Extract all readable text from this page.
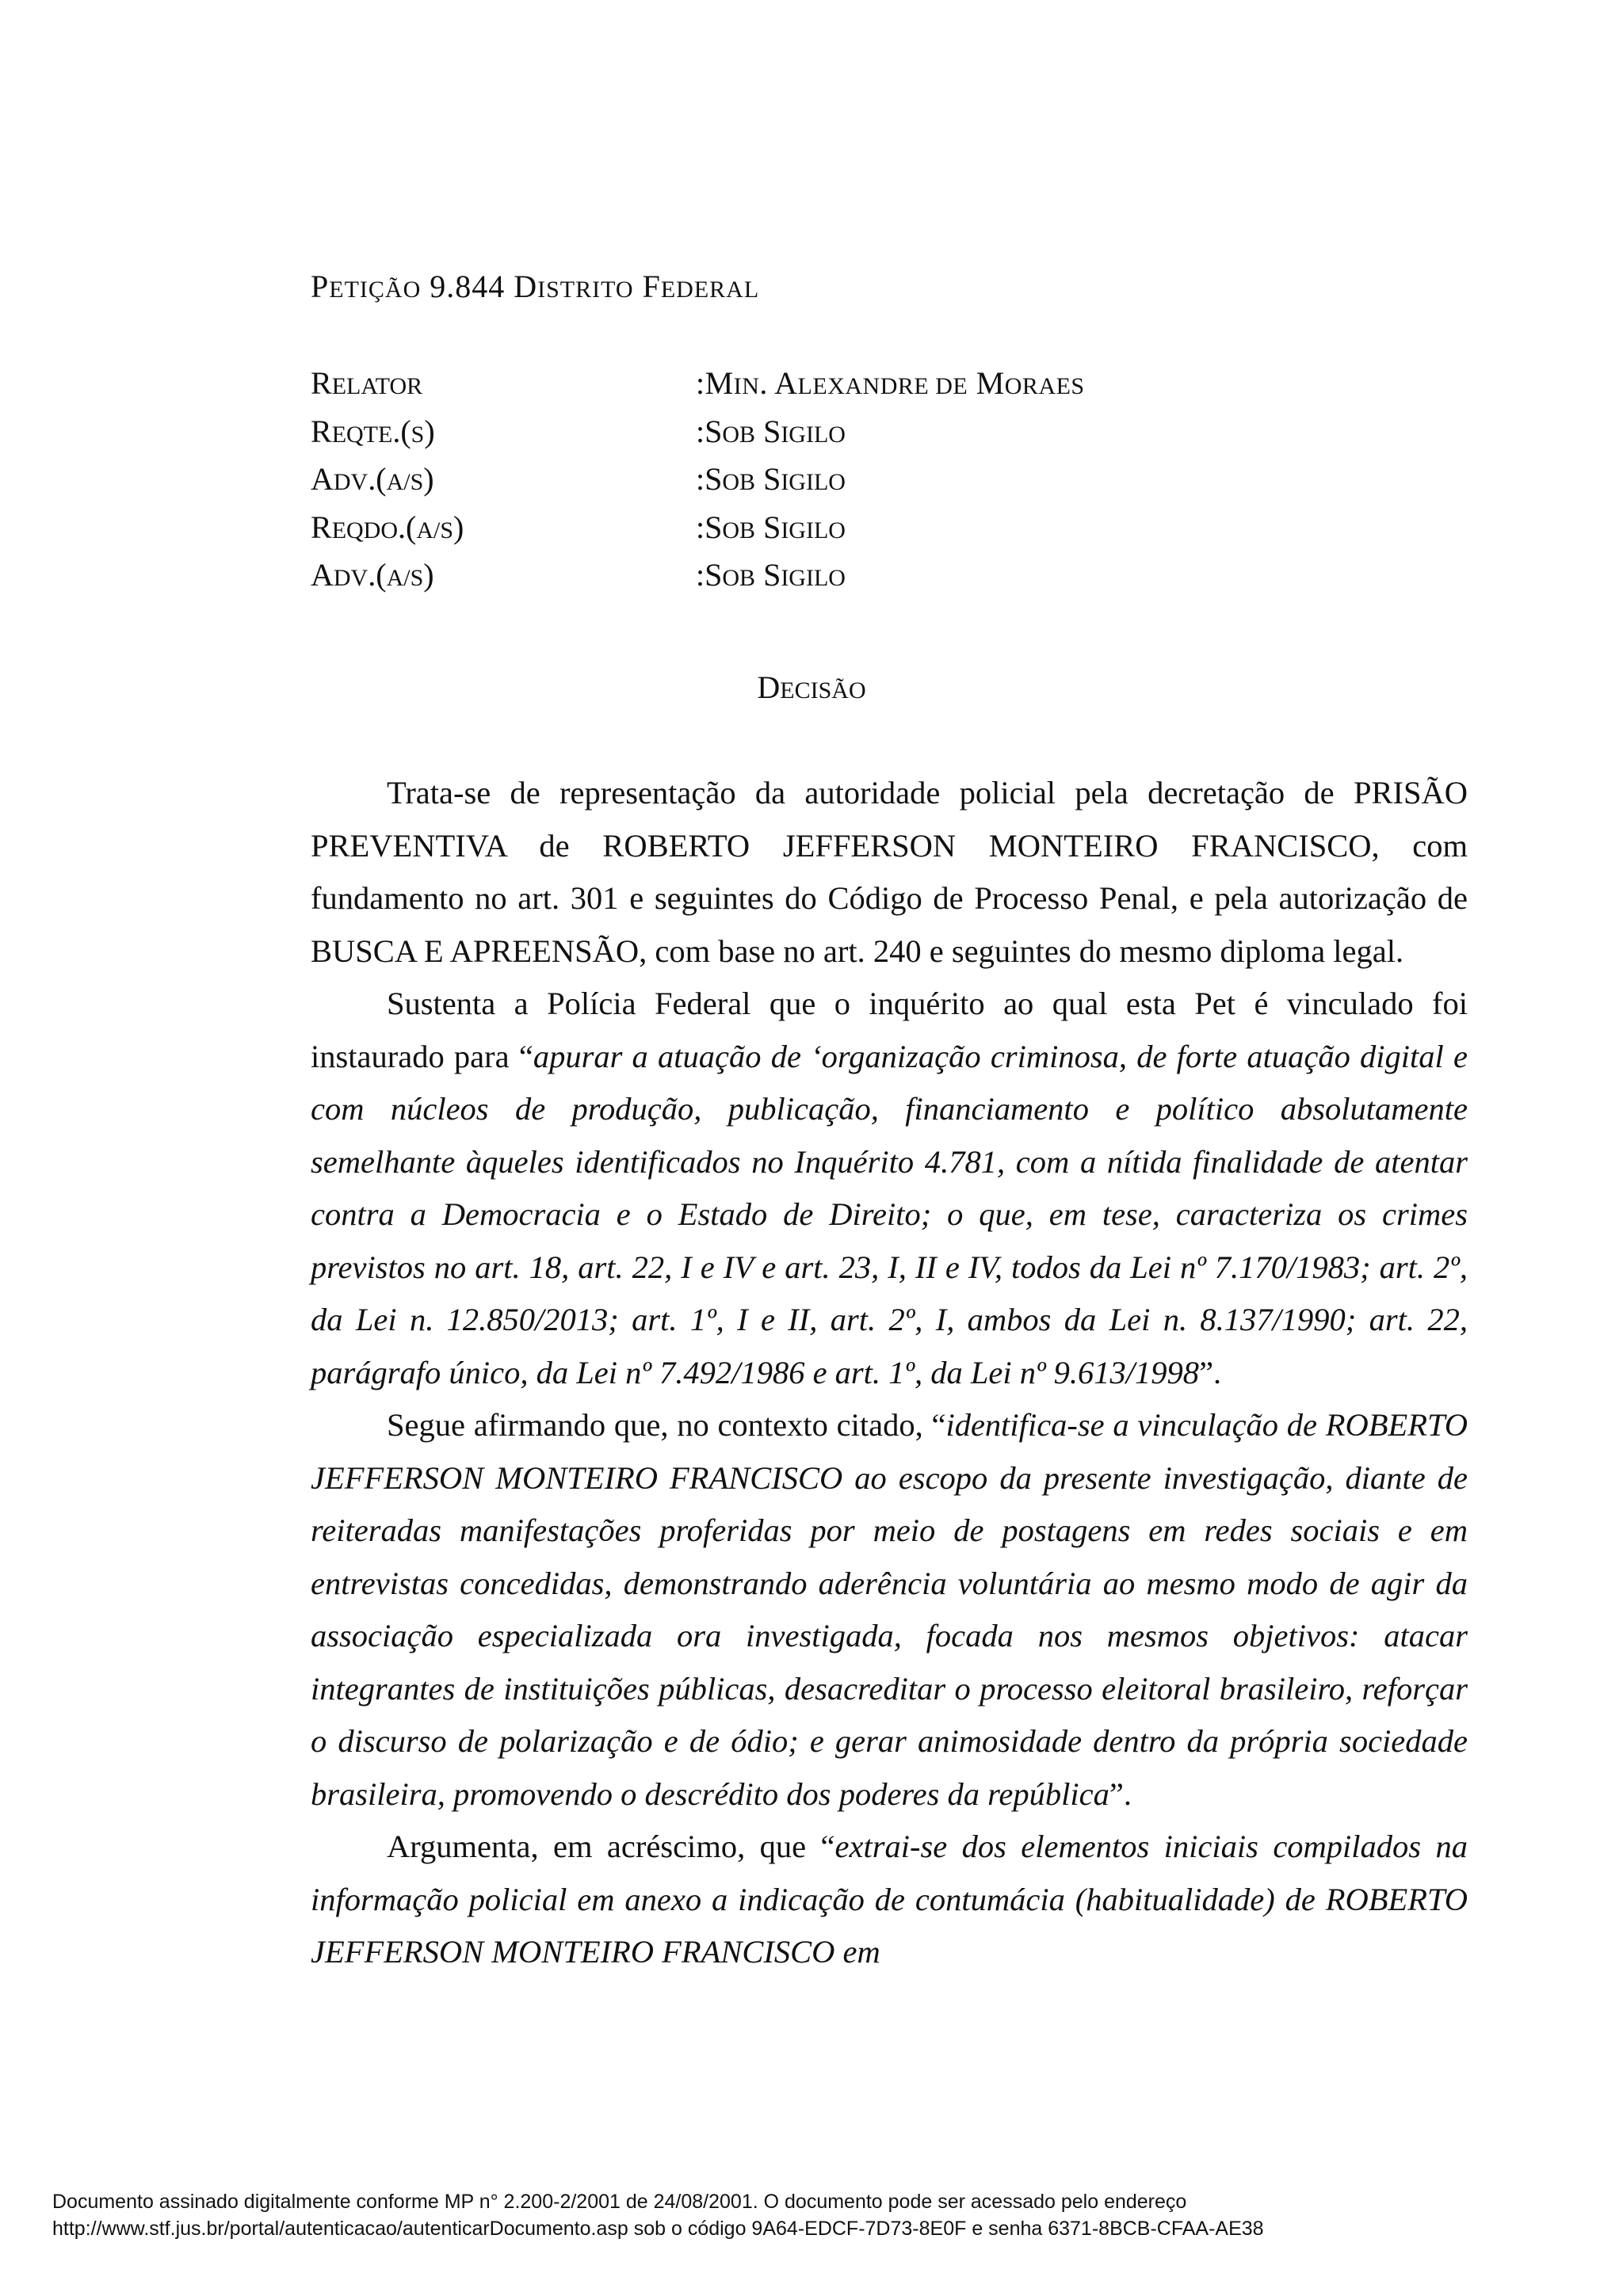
PETIÇÃO 9.844 DISTRITO FEDERAL
RELATOR	:MIN. ALEXANDRE DE MORAES
REQTE.(S)	:SOB SIGILO
ADV.(A/S)	:SOB SIGILO
REQDO.(A/S)	:SOB SIGILO
ADV.(A/S)	:SOB SIGILO
DECISÃO

Trata-se de representação da autoridade policial pela decretação de PRISÃO PREVENTIVA de ROBERTO JEFFERSON MONTEIRO FRANCISCO, com fundamento no art. 301 e seguintes do Código de Processo Penal, e pela autorização de BUSCA E APREENSÃO, com base no art. 240 e seguintes do mesmo diploma legal.

Sustenta a Polícia Federal que o inquérito ao qual esta Pet é vinculado foi instaurado para “apurar a atuação de ‘organização criminosa, de forte atuação digital e com núcleos de produção, publicação, financiamento e político absolutamente semelhante àqueles identificados no Inquérito 4.781, com a nítida finalidade de atentar contra a Democracia e o Estado de Direito; o que, em tese, caracteriza os crimes previstos no art. 18, art. 22, I e IV e art. 23, I, II e IV, todos da Lei nº 7.170/1983; art. 2º, da Lei n. 12.850/2013; art. 1º, I e II, art. 2º, I, ambos da Lei n. 8.137/1990; art. 22, parágrafo único, da Lei nº 7.492/1986 e art. 1º, da Lei nº 9.613/1998”.

Segue afirmando que, no contexto citado, “identifica-se a vinculação de ROBERTO JEFFERSON MONTEIRO FRANCISCO ao escopo da presente investigação, diante de reiteradas manifestações proferidas por meio de postagens em redes sociais e em entrevistas concedidas, demonstrando aderência voluntária ao mesmo modo de agir da associação especializada ora investigada, focada nos mesmos objetivos: atacar integrantes de instituições públicas, desacreditar o processo eleitoral brasileiro, reforçar o discurso de polarização e de ódio; e gerar animosidade dentro da própria sociedade brasileira, promovendo o descrédito dos poderes da república”.

Argumenta, em acréscimo, que “extrai-se dos elementos iniciais compilados na informação policial em anexo a indicação de contumácia (habitualidade) de ROBERTO JEFFERSON MONTEIRO FRANCISCO em

Documento assinado digitalmente conforme MP n° 2.200-2/2001 de 24/08/2001. O documento pode ser acessado pelo endereço
http://www.stf.jus.br/portal/autenticacao/autenticarDocumento.asp sob o código 9A64-EDCF-7D73-8E0F e senha 6371-8BCB-CFAA-AE38
